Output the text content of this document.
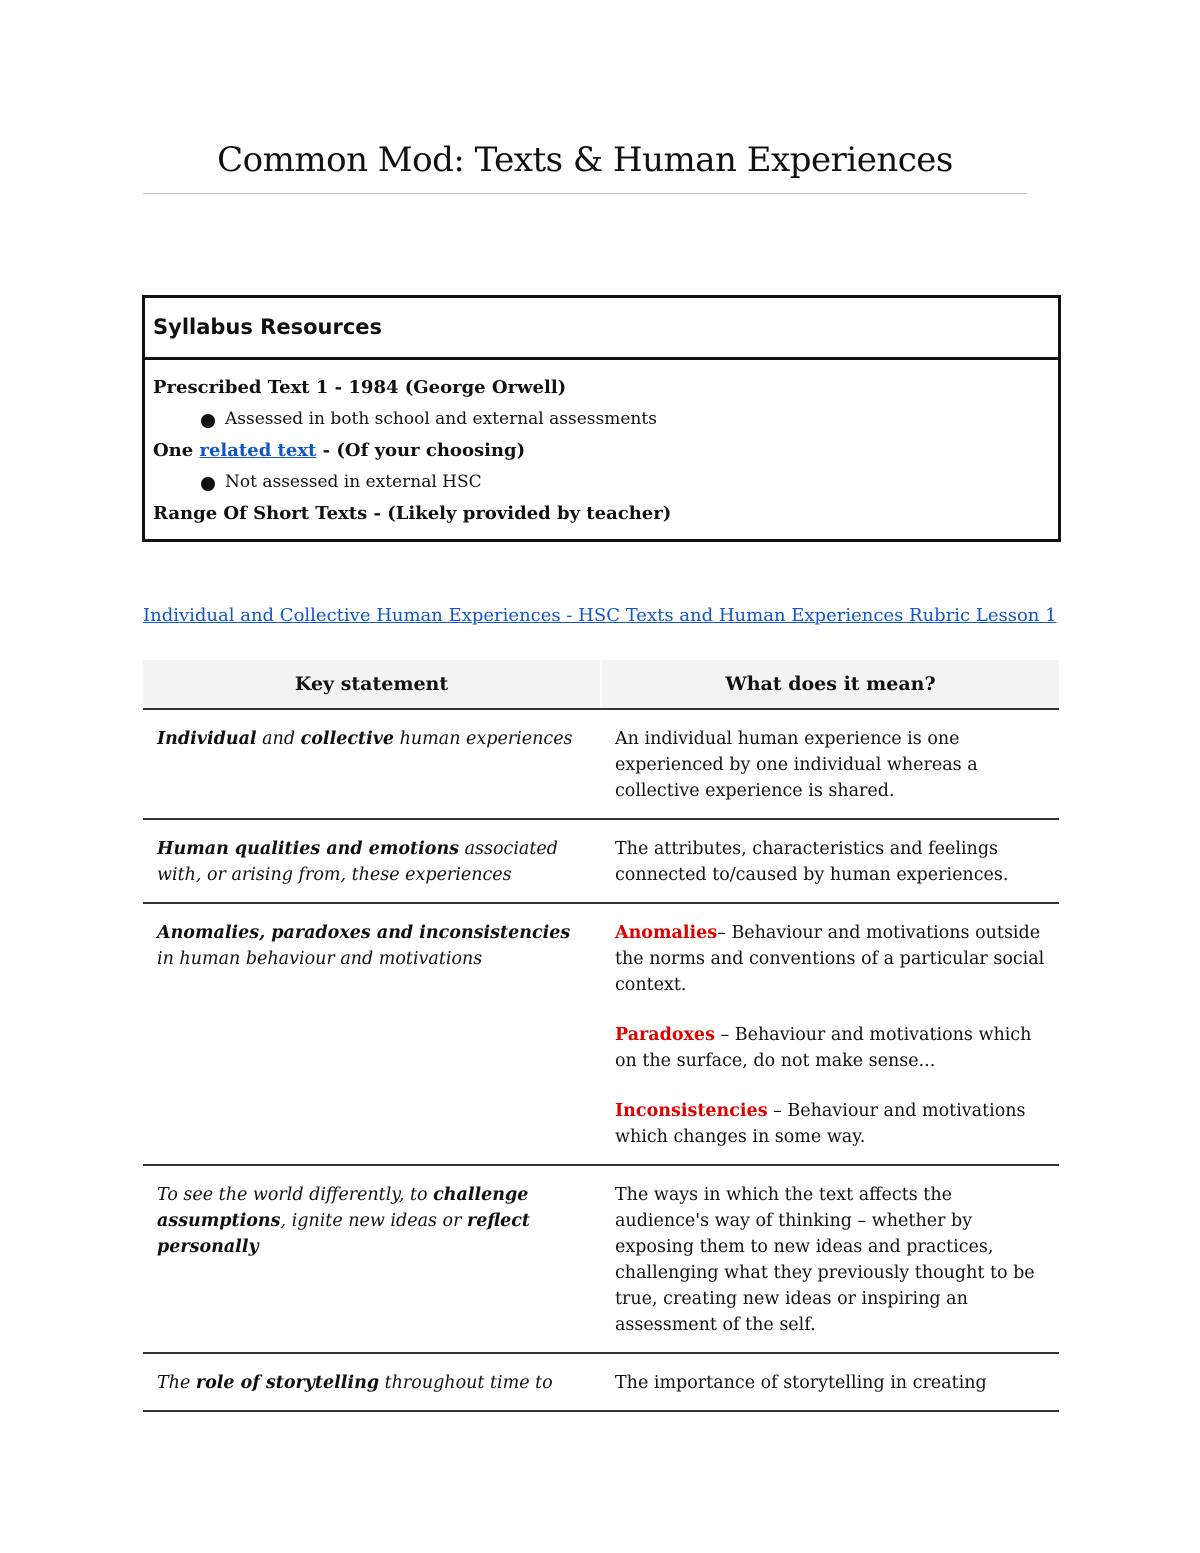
Common Mod: Texts & Human Experiences
Syllabus Resources
Prescribed Text 1 - 1984 (George Orwell)
Assessed in both school and external assessments
One related text - (Of your choosing)
Not assessed in external HSC
Range Of Short Texts - (Likely provided by teacher)
Individual and Collective Human Experiences - HSC Texts and Human Experiences Rubric Lesson 1
Key statement	What does it mean?
Individual and collective human experiences	An individual human experience is one experienced by one individual whereas a collective experience is shared.
Human qualities and emotions associated with, or arising from, these experiences	The attributes, characteristics and feelings connected to/caused by human experiences.
Anomalies, paradoxes and inconsistencies in human behaviour and motivations	Anomalies– Behaviour and motivations outside the norms and conventions of a particular social context.
Paradoxes – Behaviour and motivations which on the surface, do not make sense...
Inconsistencies – Behaviour and motivations which changes in some way.

To see the world differently, to challenge assumptions, ignite new ideas or reflect personally	The ways in which the text affects the audience's way of thinking – whether by exposing them to new ideas and practices, challenging what they previously thought to be true, creating new ideas or inspiring an assessment of the self.
The role of storytelling throughout time to	The importance of storytelling in creating
